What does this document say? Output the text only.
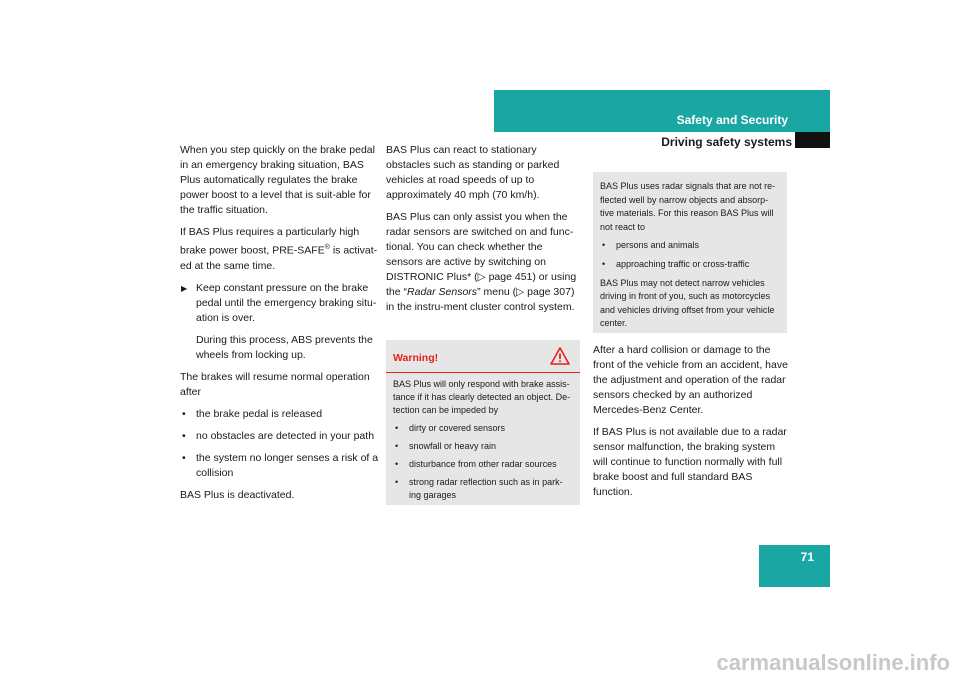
Safety and Security
Driving safety systems

When you step quickly on the brake pedal in an emergency braking situation, BAS Plus automatically regulates the brake power boost to a level that is suit-able for the traffic situation.

If BAS Plus requires a particularly high brake power boost, PRE-SAFE® is activat-ed at the same time.

▶ Keep constant pressure on the brake pedal until the emergency braking situ-ation is over.
During this process, ABS prevents the wheels from locking up.

The brakes will resume normal operation after

• the brake pedal is released
• no obstacles are detected in your path
• the system no longer senses a risk of a collision

BAS Plus is deactivated.

BAS Plus can react to stationary obstacles such as standing or parked vehicles at road speeds of up to approximately 40 mph (70 km/h).

BAS Plus can only assist you when the radar sensors are switched on and func-tional. You can check whether the sensors are active by switching on DISTRONIC Plus* (▷ page 451) or using the “Radar Sensors” menu (▷ page 307) in the instru-ment cluster control system.

Warning!

BAS Plus will only respond with brake assis-tance if it has clearly detected an object. De-tection can be impeded by

• dirty or covered sensors
• snowfall or heavy rain
• disturbance from other radar sources
• strong radar reflection such as in park-ing garages

BAS Plus uses radar signals that are not re-flected well by narrow objects and absorp-tive materials. For this reason BAS Plus will not react to

• persons and animals
• approaching traffic or cross-traffic

BAS Plus may not detect narrow vehicles driving in front of you, such as motorcycles and vehicles driving offset from your vehicle center.

After a hard collision or damage to the front of the vehicle from an accident, have the adjustment and operation of the radar sensors checked by an authorized Mercedes-Benz Center.

If BAS Plus is not available due to a radar sensor malfunction, the braking system will continue to function normally with full brake boost and full standard BAS function.

71
carmanualsonline.info
